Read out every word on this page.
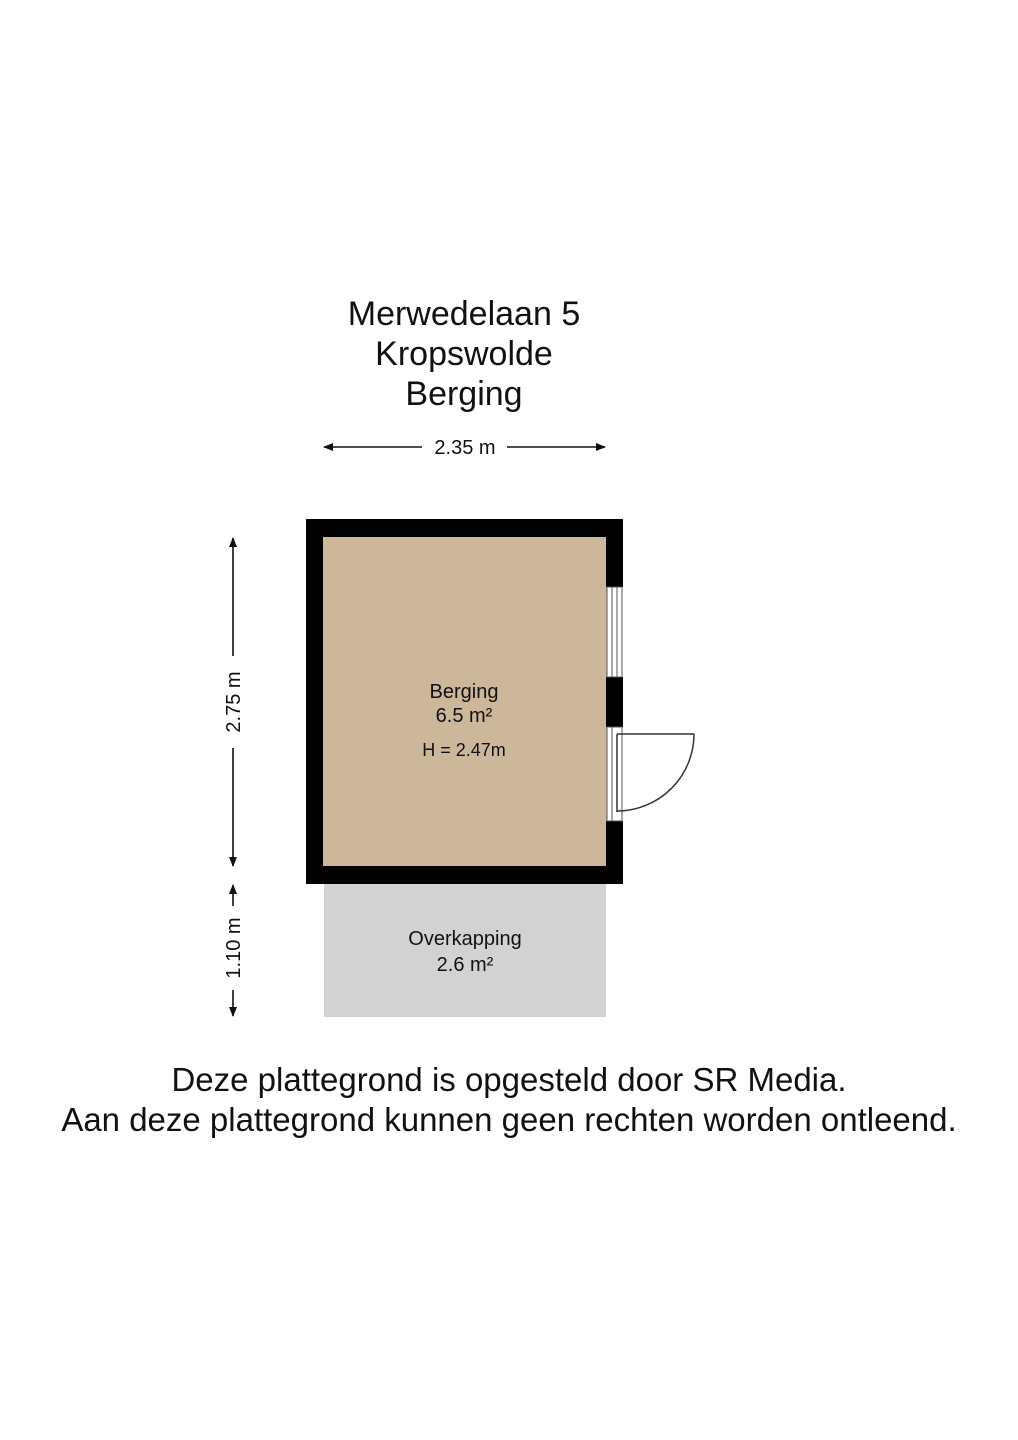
Merwedelaan 5
Kropswolde
Berging
2.35 m
2.75 m
1.10 m
Berging
6.5 m²
H = 2.47m
Overkapping
2.6 m²
Deze plattegrond is opgesteld door SR Media.
Aan deze plattegrond kunnen geen rechten worden ontleend.
